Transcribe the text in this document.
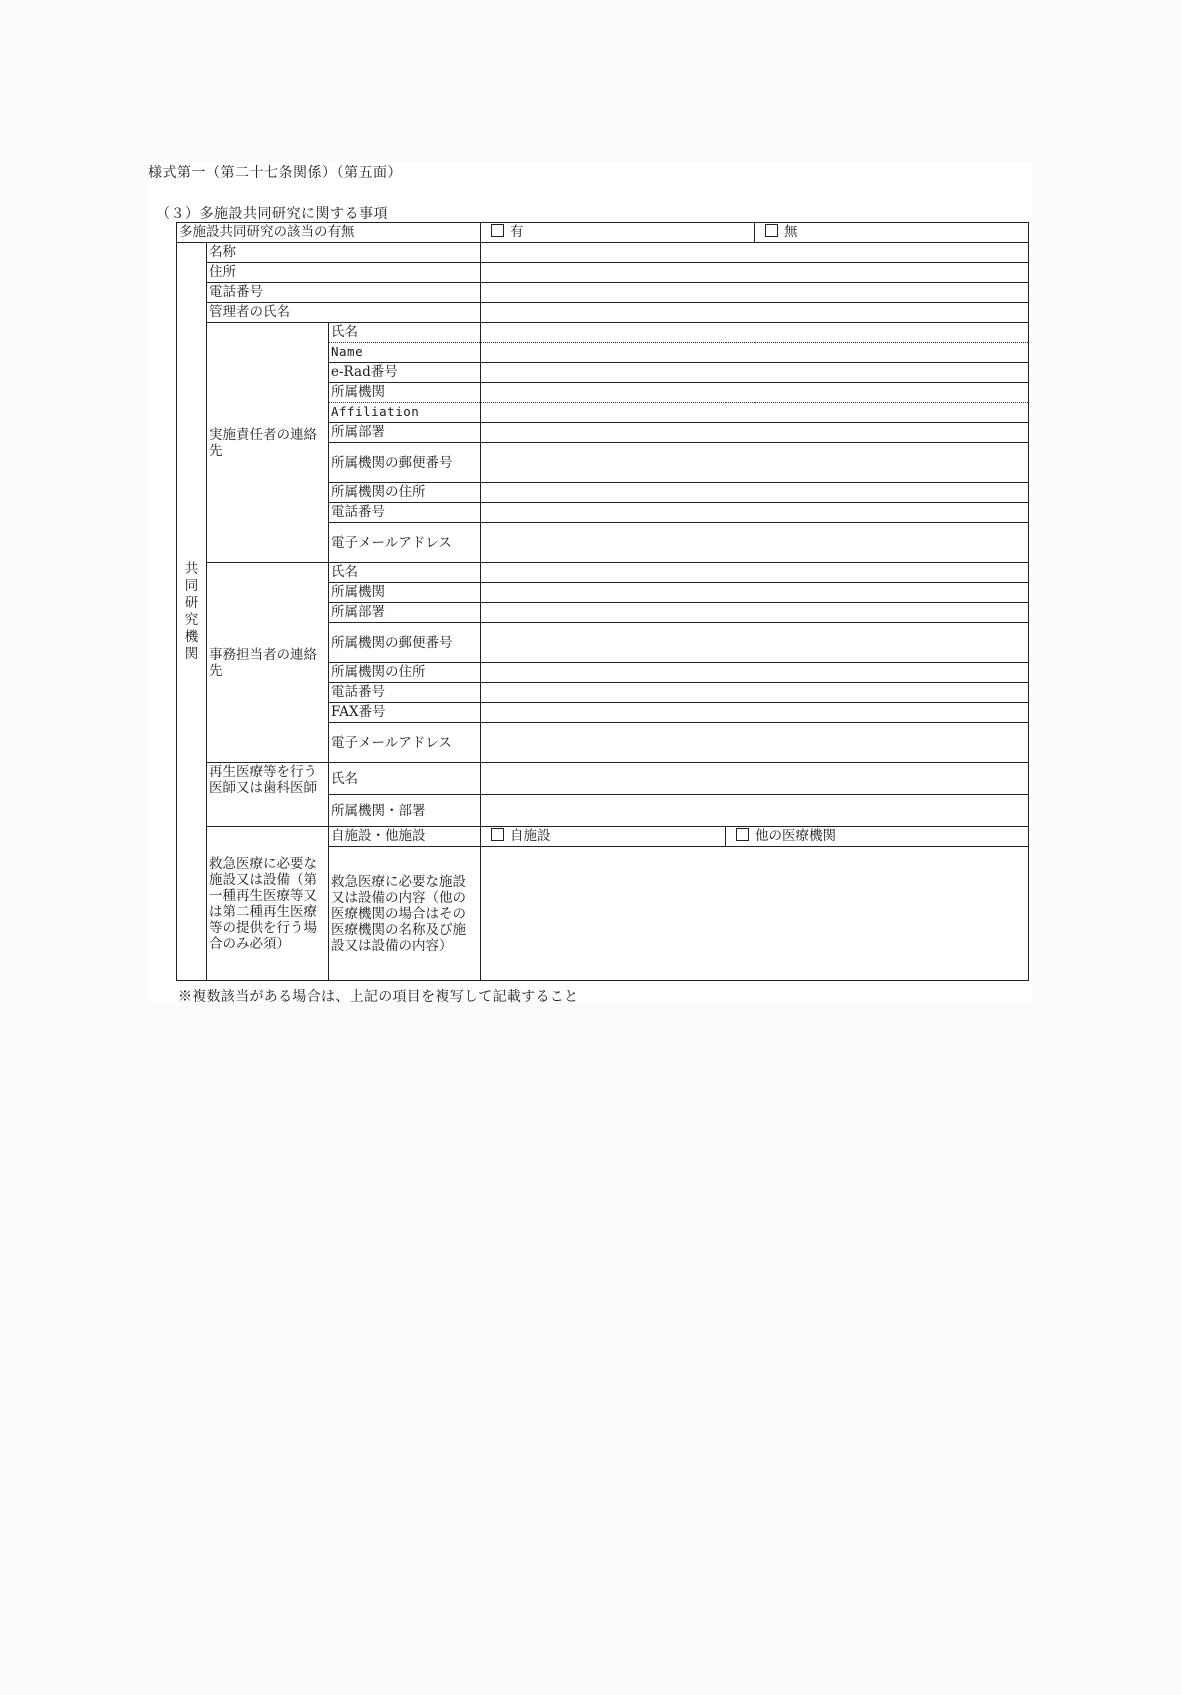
様式第一（第二十七条関係）（第五面）
（３）多施設共同研究に関する事項
多施設共同研究の該当の有無			有		無
共同研究機関	名称				
	住所				
	電話番号				
	管理者の氏名				
	実施責任者の連絡先	氏名			
		Name			
		e-Rad番号			
		所属機関			
		Affiliation			
		所属部署			
		所属機関の郵便番号			
		所属機関の住所			
		電話番号			
		電子メールアドレス			
	事務担当者の連絡先	氏名			
		所属機関			
		所属部署			
		所属機関の郵便番号			
		所属機関の住所			
		電話番号			
		FAX番号			
		電子メールアドレス			
	再生医療等を行う医師又は歯科医師	氏名			
		所属機関・部署			
	救急医療に必要な施設又は設備（第一種再生医療等又は第二種再生医療等の提供を行う場合のみ必須）	自施設・他施設	自施設	他の医療機関	
		救急医療に必要な施設又は設備の内容（他の医療機関の場合はその医療機関の名称及び施設又は設備の内容）			
※複数該当がある場合は、上記の項目を複写して記載すること
